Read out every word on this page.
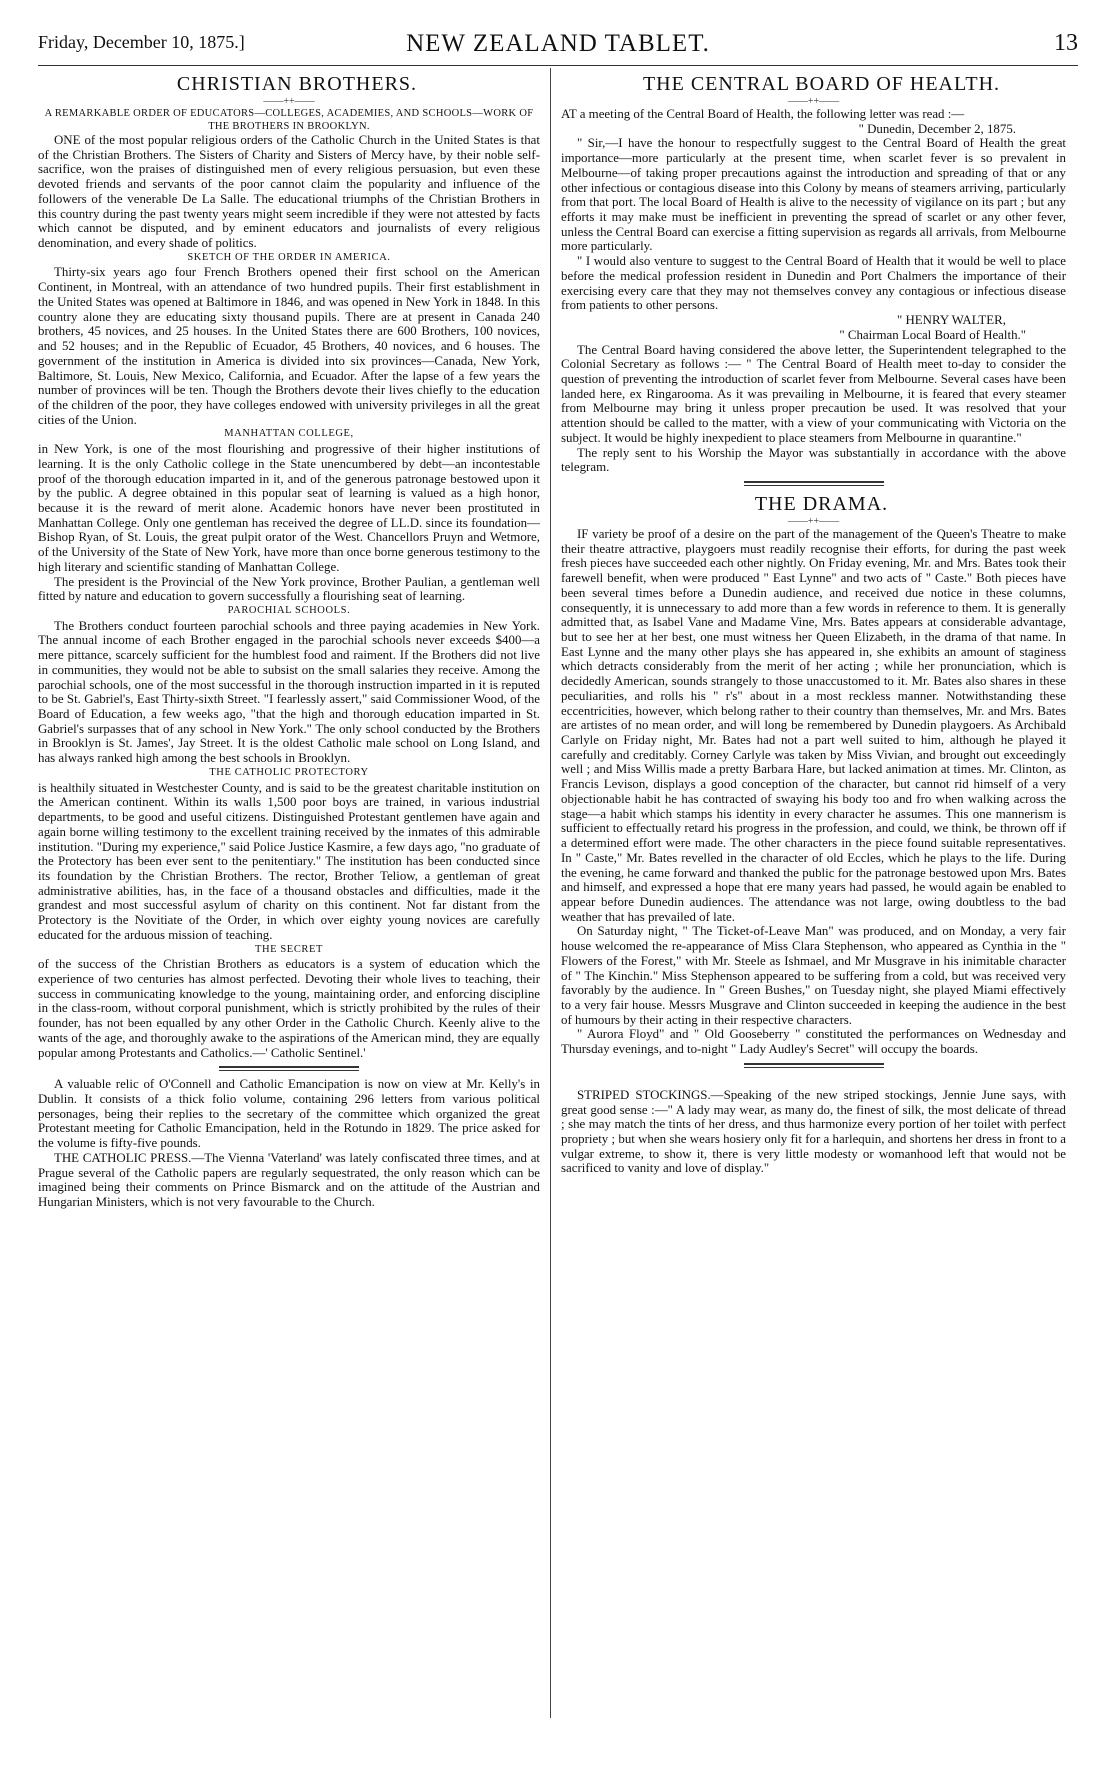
Friday, December 10, 1875.]	NEW ZEALAND TABLET.	13

CHRISTIAN BROTHERS.

——++——
A REMARKABLE ORDER OF EDUCATORS—COLLEGES, ACADEMIES, AND SCHOOLS—WORK OF THE BROTHERS IN BROOKLYN.

ONE of the most popular religious orders of the Catholic Church in the United States is that of the Christian Brothers. The Sisters of Charity and Sisters of Mercy have, by their noble self-sacrifice, won the praises of distinguished men of every religious persuasion, but even these devoted friends and servants of the poor cannot claim the popularity and influence of the followers of the venerable De La Salle. The educational triumphs of the Christian Brothers in this country during the past twenty years might seem incredible if they were not attested by facts which cannot be disputed, and by eminent educators and journalists of every religious denomination, and every shade of politics.

SKETCH OF THE ORDER IN AMERICA.

Thirty-six years ago four French Brothers opened their first school on the American Continent, in Montreal, with an attendance of two hundred pupils. Their first establishment in the United States was opened at Baltimore in 1846, and was opened in New York in 1848. In this country alone they are educating sixty thousand pupils. There are at present in Canada 240 brothers, 45 novices, and 25 houses. In the United States there are 600 Brothers, 100 novices, and 52 houses; and in the Republic of Ecuador, 45 Brothers, 40 novices, and 6 houses. The government of the institution in America is divided into six provinces—Canada, New York, Baltimore, St. Louis, New Mexico, California, and Ecuador. After the lapse of a few years the number of provinces will be ten. Though the Brothers devote their lives chiefly to the education of the children of the poor, they have colleges endowed with university privileges in all the great cities of the Union.

MANHATTAN COLLEGE,

in New York, is one of the most flourishing and progressive of their higher institutions of learning. It is the only Catholic college in the State unencumbered by debt—an incontestable proof of the thorough education imparted in it, and of the generous patronage bestowed upon it by the public. A degree obtained in this popular seat of learning is valued as a high honor, because it is the reward of merit alone. Academic honors have never been prostituted in Manhattan College. Only one gentleman has received the degree of LL.D. since its foundation—Bishop Ryan, of St. Louis, the great pulpit orator of the West. Chancellors Pruyn and Wetmore, of the University of the State of New York, have more than once borne generous testimony to the high literary and scientific standing of Manhattan College.

The president is the Provincial of the New York province, Brother Paulian, a gentleman well fitted by nature and education to govern successfully a flourishing seat of learning.

PAROCHIAL SCHOOLS.

The Brothers conduct fourteen parochial schools and three paying academies in New York. The annual income of each Brother engaged in the parochial schools never exceeds $400—a mere pittance, scarcely sufficient for the humblest food and raiment. If the Brothers did not live in communities, they would not be able to subsist on the small salaries they receive. Among the parochial schools, one of the most successful in the thorough instruction imparted in it is reputed to be St. Gabriel's, East Thirty-sixth Street. "I fearlessly assert," said Commissioner Wood, of the Board of Education, a few weeks ago, "that the high and thorough education imparted in St. Gabriel's surpasses that of any school in New York." The only school conducted by the Brothers in Brooklyn is St. James', Jay Street. It is the oldest Catholic male school on Long Island, and has always ranked high among the best schools in Brooklyn.

THE CATHOLIC PROTECTORY

is healthily situated in Westchester County, and is said to be the greatest charitable institution on the American continent. Within its walls 1,500 poor boys are trained, in various industrial departments, to be good and useful citizens. Distinguished Protestant gentlemen have again and again borne willing testimony to the excellent training received by the inmates of this admirable institution. "During my experience," said Police Justice Kasmire, a few days ago, "no graduate of the Protectory has been ever sent to the penitentiary." The institution has been conducted since its foundation by the Christian Brothers. The rector, Brother Teliow, a gentleman of great administrative abilities, has, in the face of a thousand obstacles and difficulties, made it the grandest and most successful asylum of charity on this continent. Not far distant from the Protectory is the Novitiate of the Order, in which over eighty young novices are carefully educated for the arduous mission of teaching.

THE SECRET

of the success of the Christian Brothers as educators is a system of education which the experience of two centuries has almost perfected. Devoting their whole lives to teaching, their success in communicating knowledge to the young, maintaining order, and enforcing discipline in the class-room, without corporal punishment, which is strictly prohibited by the rules of their founder, has not been equalled by any other Order in the Catholic Church. Keenly alive to the wants of the age, and thoroughly awake to the aspirations of the American mind, they are equally popular among Protestants and Catholics.—' Catholic Sentinel.'

A valuable relic of O'Connell and Catholic Emancipation is now on view at Mr. Kelly's in Dublin. It consists of a thick folio volume, containing 296 letters from various political personages, being their replies to the secretary of the committee which organized the great Protestant meeting for Catholic Emancipation, held in the Rotundo in 1829. The price asked for the volume is fifty-five pounds.

THE CATHOLIC PRESS.—The Vienna 'Vaterland' was lately confiscated three times, and at Prague several of the Catholic papers are regularly sequestrated, the only reason which can be imagined being their comments on Prince Bismarck and on the attitude of the Austrian and Hungarian Ministers, which is not very favourable to the Church.

THE CENTRAL BOARD OF HEALTH.

——++——

AT a meeting of the Central Board of Health, the following letter was read :—

" Dunedin, December 2, 1875.

" Sir,—I have the honour to respectfully suggest to the Central Board of Health the great importance—more particularly at the present time, when scarlet fever is so prevalent in Melbourne—of taking proper precautions against the introduction and spreading of that or any other infectious or contagious disease into this Colony by means of steamers arriving, particularly from that port. The local Board of Health is alive to the necessity of vigilance on its part ; but any efforts it may make must be inefficient in preventing the spread of scarlet or any other fever, unless the Central Board can exercise a fitting supervision as regards all arrivals, from Melbourne more particularly.

" I would also venture to suggest to the Central Board of Health that it would be well to place before the medical profession resident in Dunedin and Port Chalmers the importance of their exercising every care that they may not themselves convey any contagious or infectious disease from patients to other persons.

" HENRY WALTER,
" Chairman Local Board of Health."

The Central Board having considered the above letter, the Superintendent telegraphed to the Colonial Secretary as follows :— " The Central Board of Health meet to-day to consider the question of preventing the introduction of scarlet fever from Melbourne. Several cases have been landed here, ex Ringarooma. As it was prevailing in Melbourne, it is feared that every steamer from Melbourne may bring it unless proper precaution be used. It was resolved that your attention should be called to the matter, with a view of your communicating with Victoria on the subject. It would be highly inexpedient to place steamers from Melbourne in quarantine."

The reply sent to his Worship the Mayor was substantially in accordance with the above telegram.

THE DRAMA.

——++——

IF variety be proof of a desire on the part of the management of the Queen's Theatre to make their theatre attractive, playgoers must readily recognise their efforts, for during the past week fresh pieces have succeeded each other nightly. On Friday evening, Mr. and Mrs. Bates took their farewell benefit, when were produced " East Lynne" and two acts of " Caste." Both pieces have been several times before a Dunedin audience, and received due notice in these columns, consequently, it is unnecessary to add more than a few words in reference to them. It is generally admitted that, as Isabel Vane and Madame Vine, Mrs. Bates appears at considerable advantage, but to see her at her best, one must witness her Queen Elizabeth, in the drama of that name. In East Lynne and the many other plays she has appeared in, she exhibits an amount of staginess which detracts considerably from the merit of her acting ; while her pronunciation, which is decidedly American, sounds strangely to those unaccustomed to it. Mr. Bates also shares in these peculiarities, and rolls his " r's" about in a most reckless manner. Notwithstanding these eccentricities, however, which belong rather to their country than themselves, Mr. and Mrs. Bates are artistes of no mean order, and will long be remembered by Dunedin playgoers. As Archibald Carlyle on Friday night, Mr. Bates had not a part well suited to him, although he played it carefully and creditably. Corney Carlyle was taken by Miss Vivian, and brought out exceedingly well ; and Miss Willis made a pretty Barbara Hare, but lacked animation at times. Mr. Clinton, as Francis Levison, displays a good conception of the character, but cannot rid himself of a very objectionable habit he has contracted of swaying his body too and fro when walking across the stage—a habit which stamps his identity in every character he assumes. This one mannerism is sufficient to effectually retard his progress in the profession, and could, we think, be thrown off if a determined effort were made. The other characters in the piece found suitable representatives. In " Caste," Mr. Bates revelled in the character of old Eccles, which he plays to the life. During the evening, he came forward and thanked the public for the patronage bestowed upon Mrs. Bates and himself, and expressed a hope that ere many years had passed, he would again be enabled to appear before Dunedin audiences. The attendance was not large, owing doubtless to the bad weather that has prevailed of late.

On Saturday night, " The Ticket-of-Leave Man" was produced, and on Monday, a very fair house welcomed the re-appearance of Miss Clara Stephenson, who appeared as Cynthia in the " Flowers of the Forest," with Mr. Steele as Ishmael, and Mr Musgrave in his inimitable character of " The Kinchin." Miss Stephenson appeared to be suffering from a cold, but was received very favorably by the audience. In " Green Bushes," on Tuesday night, she played Miami effectively to a very fair house. Messrs Musgrave and Clinton succeeded in keeping the audience in the best of humours by their acting in their respective characters.

" Aurora Floyd" and " Old Gooseberry " constituted the performances on Wednesday and Thursday evenings, and to-night " Lady Audley's Secret" will occupy the boards.

STRIPED STOCKINGS.—Speaking of the new striped stockings, Jennie June says, with great good sense :—" A lady may wear, as many do, the finest of silk, the most delicate of thread ; she may match the tints of her dress, and thus harmonize every portion of her toilet with perfect propriety ; but when she wears hosiery only fit for a harlequin, and shortens her dress in front to a vulgar extreme, to show it, there is very little modesty or womanhood left that would not be sacrificed to vanity and love of display."
